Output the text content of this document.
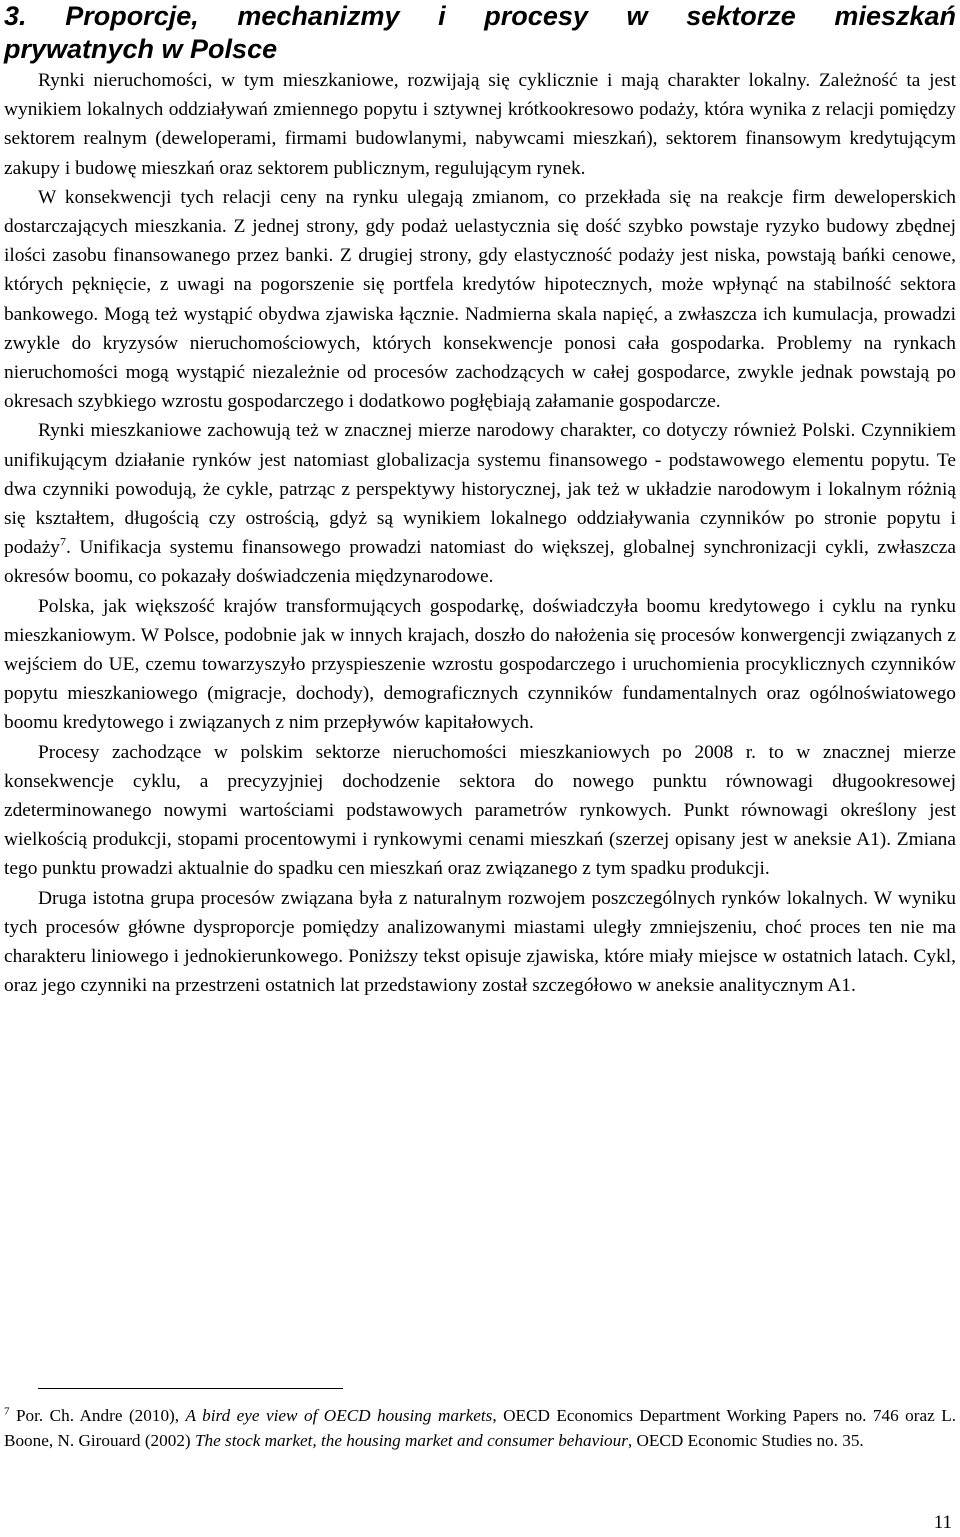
3. Proporcje, mechanizmy i procesy w sektorze mieszkań
prywatnych w Polsce

Rynki nieruchomości, w tym mieszkaniowe, rozwijają się cyklicznie i mają charakter lokalny. Zależność ta jest wynikiem lokalnych oddziaływań zmiennego popytu i sztywnej krótkookresowo podaży, która wynika z relacji pomiędzy sektorem realnym (deweloperami, firmami budowlanymi, nabywcami mieszkań), sektorem finansowym kredytującym zakupy i budowę mieszkań oraz sektorem publicznym, regulującym rynek.

W konsekwencji tych relacji ceny na rynku ulegają zmianom, co przekłada się na reakcje firm deweloperskich dostarczających mieszkania. Z jednej strony, gdy podaż uelastycznia się dość szybko powstaje ryzyko budowy zbędnej ilości zasobu finansowanego przez banki. Z drugiej strony, gdy elastyczność podaży jest niska, powstają bańki cenowe, których pęknięcie, z uwagi na pogorszenie się portfela kredytów hipotecznych, może wpłynąć na stabilność sektora bankowego. Mogą też wystąpić obydwa zjawiska łącznie. Nadmierna skala napięć, a zwłaszcza ich kumulacja, prowadzi zwykle do kryzysów nieruchomościowych, których konsekwencje ponosi cała gospodarka. Problemy na rynkach nieruchomości mogą wystąpić niezależnie od procesów zachodzących w całej gospodarce, zwykle jednak powstają po okresach szybkiego wzrostu gospodarczego i dodatkowo pogłębiają załamanie gospodarcze.

Rynki mieszkaniowe zachowują też w znacznej mierze narodowy charakter, co dotyczy również Polski. Czynnikiem unifikującym działanie rynków jest natomiast globalizacja systemu finansowego - podstawowego elementu popytu. Te dwa czynniki powodują, że cykle, patrząc z perspektywy historycznej, jak też w układzie narodowym i lokalnym różnią się kształtem, długością czy ostrością, gdyż są wynikiem lokalnego oddziaływania czynników po stronie popytu i podaży$^7$. Unifikacja systemu finansowego prowadzi natomiast do większej, globalnej synchronizacji cykli, zwłaszcza okresów boomu, co pokazały doświadczenia międzynarodowe.

Polska, jak większość krajów transformujących gospodarkę, doświadczyła boomu kredytowego i cyklu na rynku mieszkaniowym. W Polsce, podobnie jak w innych krajach, doszło do nałożenia się procesów konwergencji związanych z wejściem do UE, czemu towarzyszyło przyspieszenie wzrostu gospodarczego i uruchomienia procyklicznych czynników popytu mieszkaniowego (migracje, dochody), demograficznych czynników fundamentalnych oraz ogólnoświatowego boomu kredytowego i związanych z nim przepływów kapitałowych.

Procesy zachodzące w polskim sektorze nieruchomości mieszkaniowych po 2008 r. to w znacznej mierze konsekwencje cyklu, a precyzyjniej dochodzenie sektora do nowego punktu równowagi długookresowej zdeterminowanego nowymi wartościami podstawowych parametrów rynkowych. Punkt równowagi określony jest wielkością produkcji, stopami procentowymi i rynkowymi cenami mieszkań (szerzej opisany jest w aneksie A1). Zmiana tego punktu prowadzi aktualnie do spadku cen mieszkań oraz związanego z tym spadku produkcji.

Druga istotna grupa procesów związana była z naturalnym rozwojem poszczególnych rynków lokalnych. W wyniku tych procesów główne dysproporcje pomiędzy analizowanymi miastami uległy zmniejszeniu, choć proces ten nie ma charakteru liniowego i jednokierunkowego. Poniższy tekst opisuje zjawiska, które miały miejsce w ostatnich latach. Cykl, oraz jego czynniki na przestrzeni ostatnich lat przedstawiony został szczegółowo w aneksie analitycznym A1.

$^7$ Por. Ch. Andre (2010), A bird eye view of OECD housing markets, OECD Economics Department Working Papers no. 746 oraz L. Boone, N. Girouard (2002) The stock market, the housing market and consumer behaviour, OECD Economic Studies no. 35.

11
